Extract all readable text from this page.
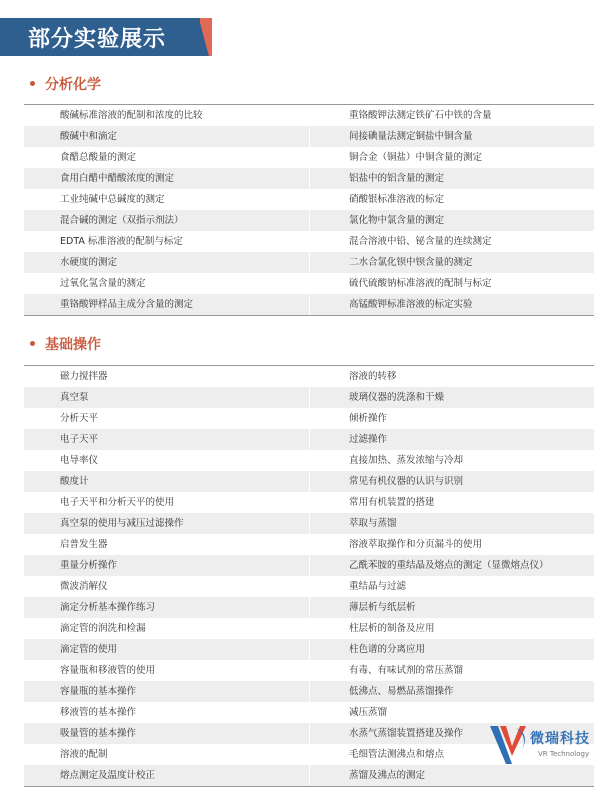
部分实验展示
分析化学
酸碱标准溶液的配制和浓度的比较	重铬酸钾法测定铁矿石中铁的含量
酸碱中和滴定	间接碘量法测定铜盐中铜含量
食醋总酸量的测定	铜合金（铜盐）中铜含量的测定
食用白醋中醋酸浓度的测定	铝盐中的铝含量的测定
工业纯碱中总碱度的测定	硝酸银标准溶液的标定
混合碱的测定（双指示剂法）	氯化物中氯含量的测定
EDTA 标准溶液的配制与标定	混合溶液中铅、铋含量的连续测定
水硬度的测定	二水合氯化钡中钡含量的测定
过氧化氢含量的测定	硫代硫酸钠标准溶液的配制与标定
重铬酸钾样品主成分含量的测定	高锰酸钾标准溶液的标定实验
基础操作
磁力搅拌器	溶液的转移
真空泵	玻璃仪器的洗涤和干燥
分析天平	倾析操作
电子天平	过滤操作
电导率仪	直接加热、蒸发浓缩与冷却
酸度计	常见有机仪器的认识与识别
电子天平和分析天平的使用	常用有机装置的搭建
真空泵的使用与减压过滤操作	萃取与蒸馏
启普发生器	溶液萃取操作和分页漏斗的使用
重量分析操作	乙酰苯胺的重结晶及熔点的测定（显微熔点仪）
微波消解仪	重结晶与过滤
滴定分析基本操作练习	薄层析与纸层析
滴定管的润洗和检漏	柱层析的制备及应用
滴定管的使用	柱色谱的分离应用
容量瓶和移液管的使用	有毒、有味试剂的常压蒸馏
容量瓶的基本操作	低沸点、易燃品蒸馏操作
移液管的基本操作	减压蒸馏
吸量管的基本操作	水蒸气蒸馏装置搭建及操作
溶液的配制	毛细管法测沸点和熔点
熔点测定及温度计校正	蒸馏及沸点的测定
微瑞科技
VR Technology
